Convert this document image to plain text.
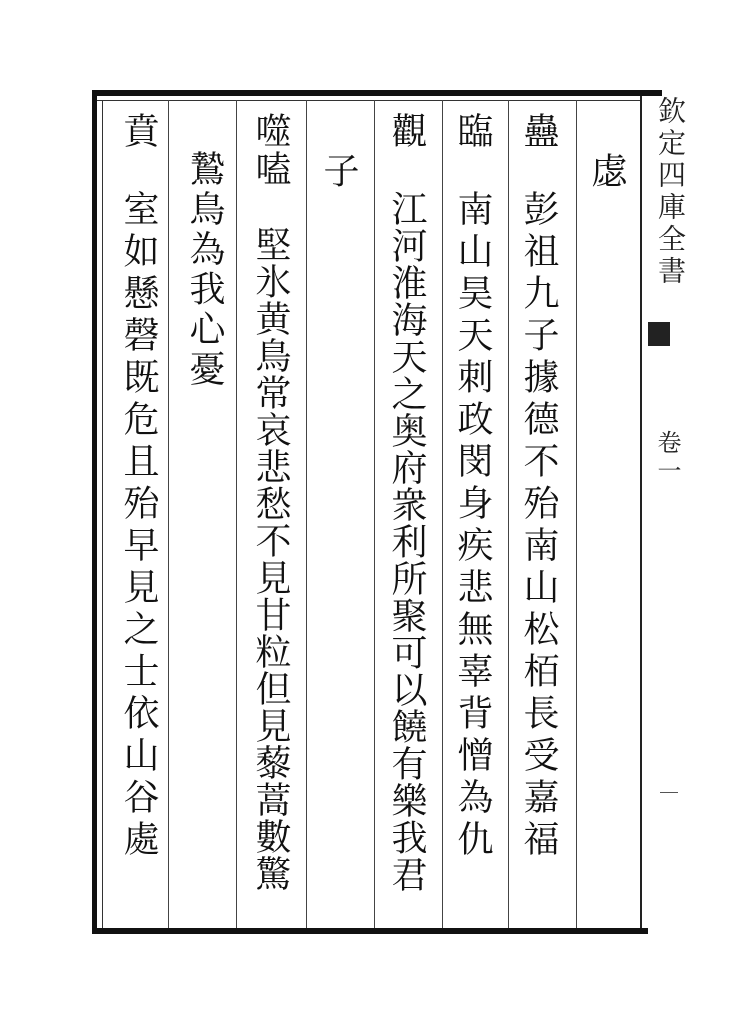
虙
蠱
彭祖九子據德不殆南山松栢長受嘉福
臨
南山昊天刺政閔身疾悲無辜背憎為仇
觀
江河淮海天之奥府衆利所聚可以饒有樂我君
子
噬嗑
堅氷黄鳥常哀悲愁不見甘粒但見藜蒿數驚
鷙鳥為我心憂
賁
室如懸磬既危且殆早見之士依山谷處	欽定四庫全書
卷一
